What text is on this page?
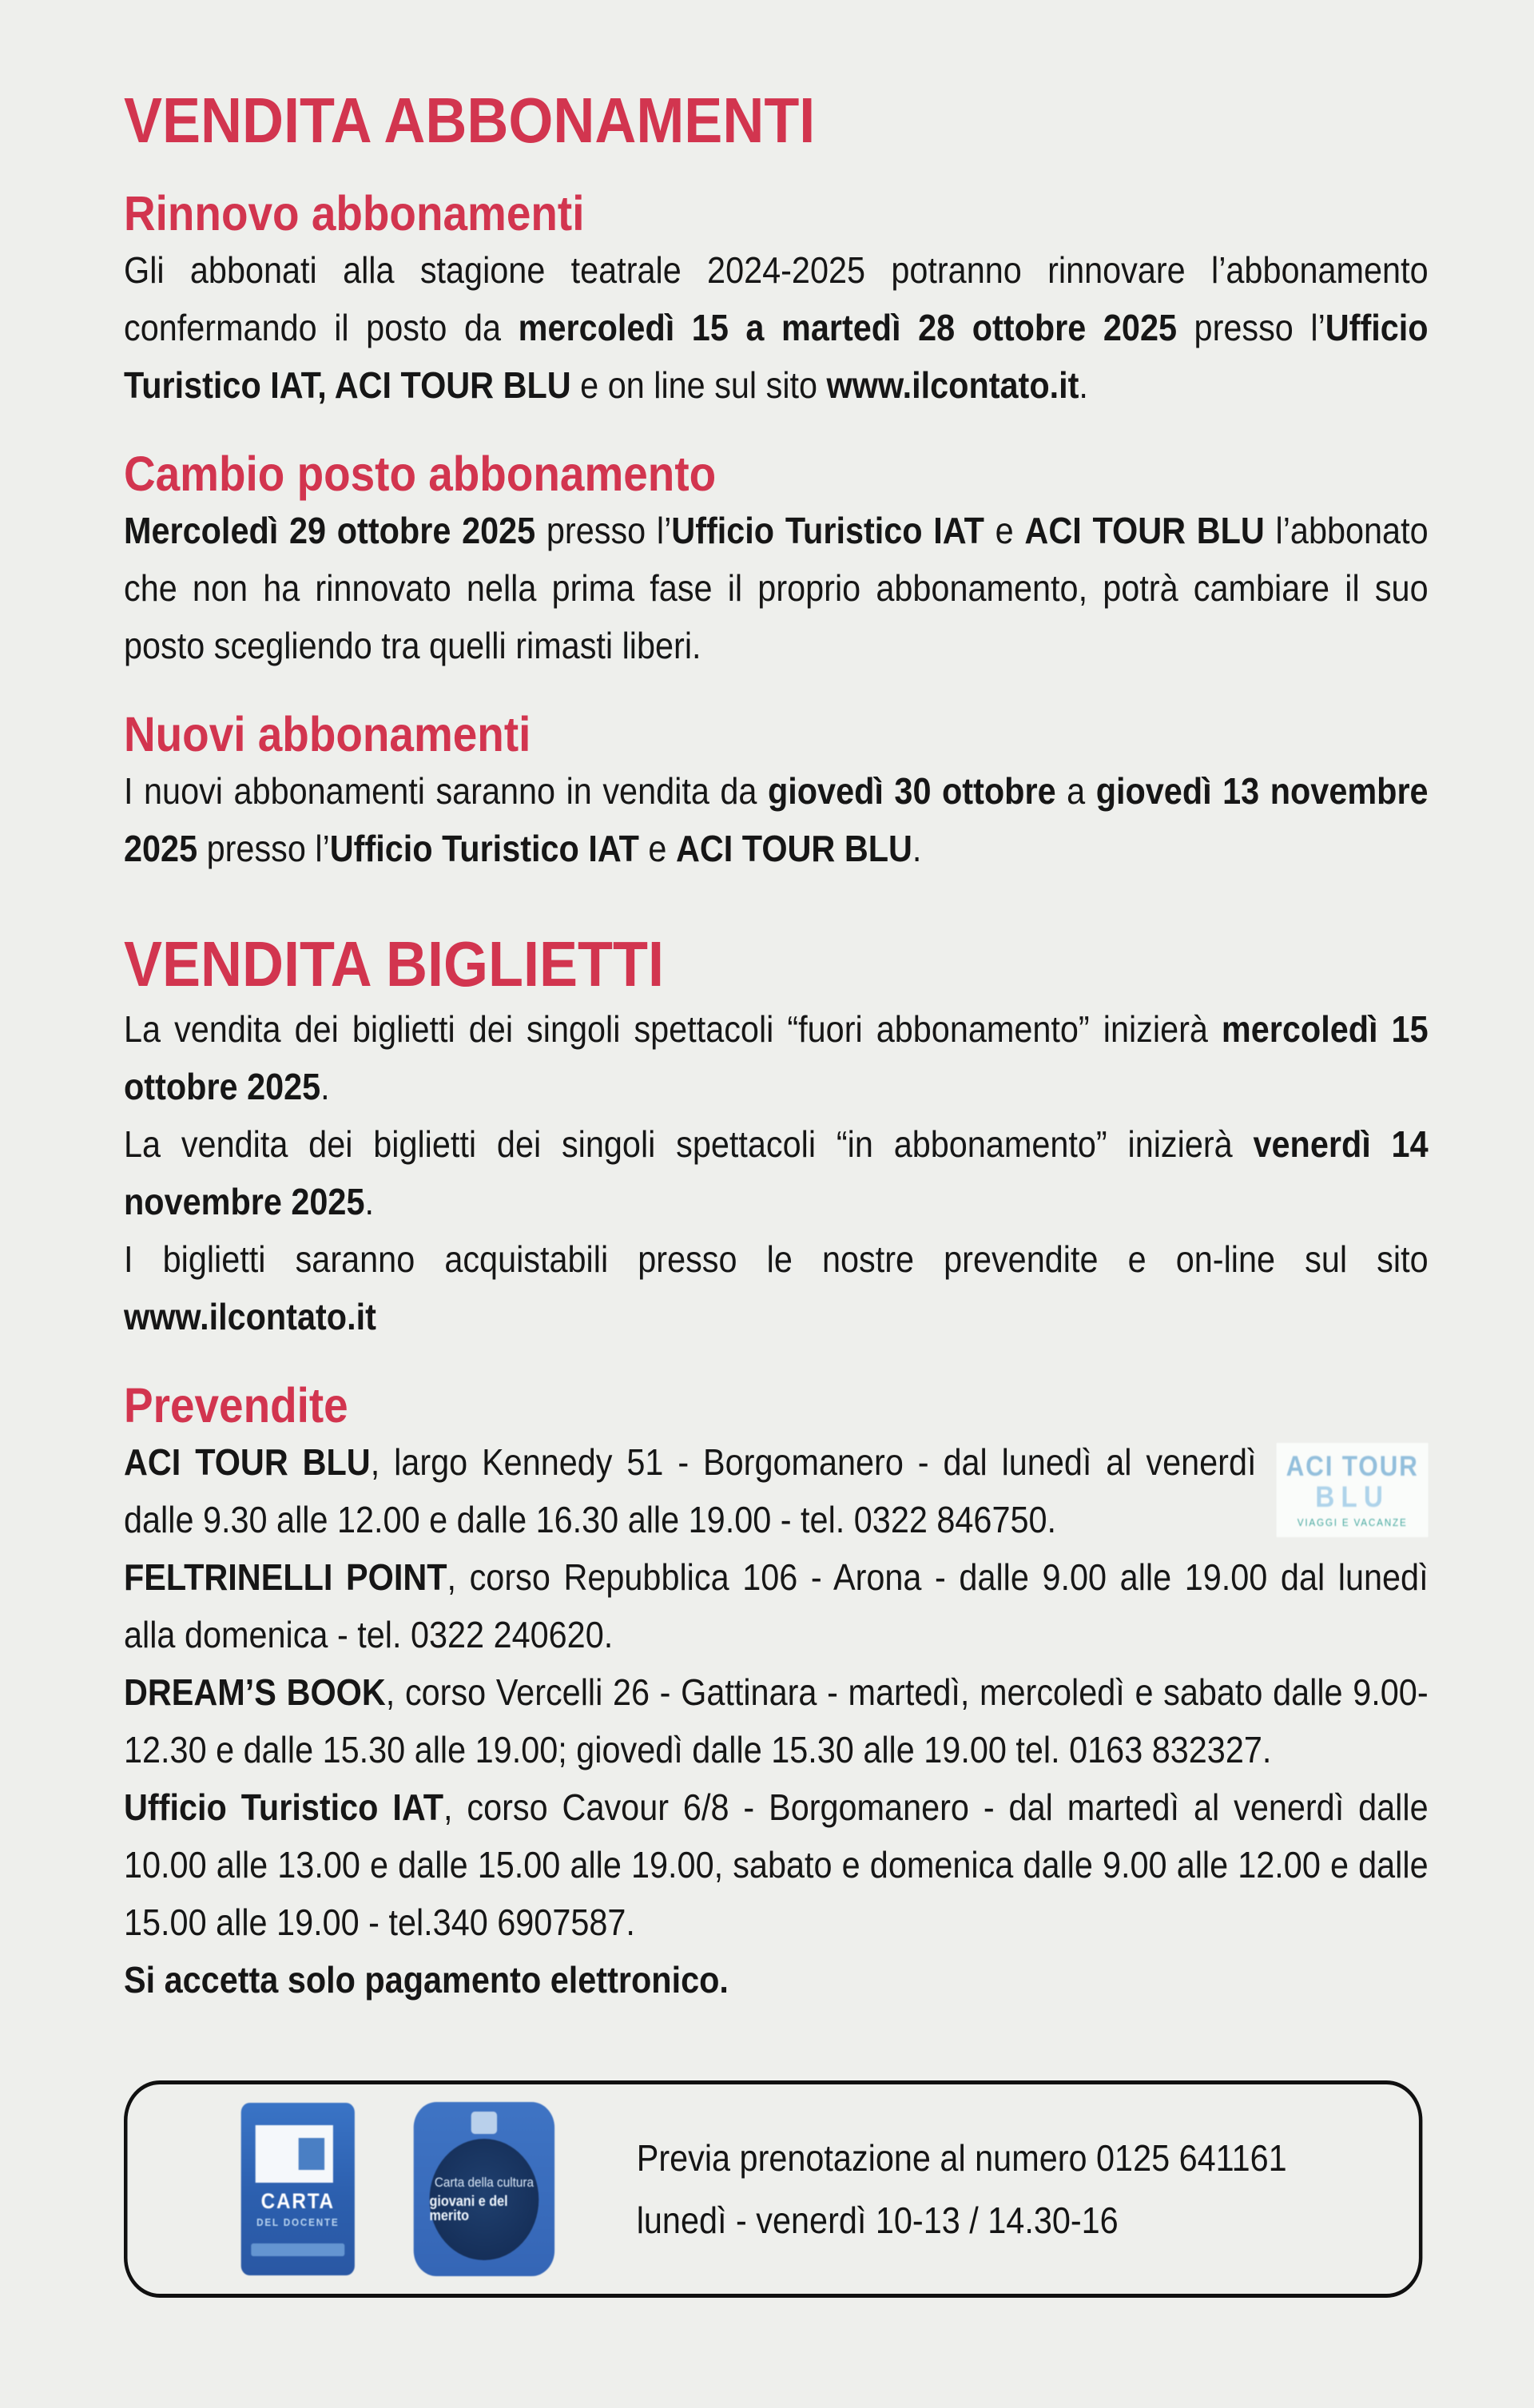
VENDITA ABBONAMENTI
Rinnovo abbonamenti

Gli abbonati alla stagione teatrale 2024-2025 potranno rinnovare l’abbonamento confermando il posto da mercoledì 15 a martedì 28 ottobre 2025 presso l’Ufficio Turistico IAT, ACI TOUR BLU e on line sul sito www.ilcontato.it.

Cambio posto abbonamento

Mercoledì 29 ottobre 2025 presso l’Ufficio Turistico IAT e ACI TOUR BLU l’abbonato che non ha rinnovato nella prima fase il proprio abbonamento, potrà cambiare il suo posto scegliendo tra quelli rimasti liberi.

Nuovi abbonamenti

I nuovi abbonamenti saranno in vendita da giovedì 30 ottobre a giovedì 13 novembre 2025 presso l’Ufficio Turistico IAT e ACI TOUR BLU.

VENDITA BIGLIETTI

La vendita dei biglietti dei singoli spettacoli “fuori abbonamento” inizierà mercoledì 15 ottobre 2025.

La vendita dei biglietti dei singoli spettacoli “in abbonamento” inizierà venerdì 14 novembre 2025.

I biglietti saranno acquistabili presso le nostre prevendite e on-line sul sito www.ilcontato.it

Prevendite

ACI TOUR
BLU
VIAGGI E VACANZE
ACI TOUR BLU, largo Kennedy 51 - Borgomanero - dal lunedì al venerdì dalle 9.30 alle 12.00 e dalle 16.30 alle 19.00 - tel. 0322 846750.

FELTRINELLI POINT, corso Repubblica 106 - Arona - dalle 9.00 alle 19.00 dal lunedì alla domenica - tel. 0322 240620.

DREAM’S BOOK, corso Vercelli 26 - Gattinara - martedì, mercoledì e sabato dalle 9.00-12.30 e dalle 15.30 alle 19.00; giovedì dalle 15.30 alle 19.00 tel. 0163 832327.

Ufficio Turistico IAT, corso Cavour 6/8 - Borgomanero - dal martedì al venerdì dalle 10.00 alle 13.00 e dalle 15.00 alle 19.00, sabato e domenica dalle 9.00 alle 12.00 e dalle 15.00 alle 19.00 - tel.340 6907587.

Si accetta solo pagamento elettronico.

CARTA
DEL DOCENTE
Carta della cultura
giovani e del merito
Previa prenotazione al numero 0125 641161
lunedì - venerdì 10-13 / 14.30-16
